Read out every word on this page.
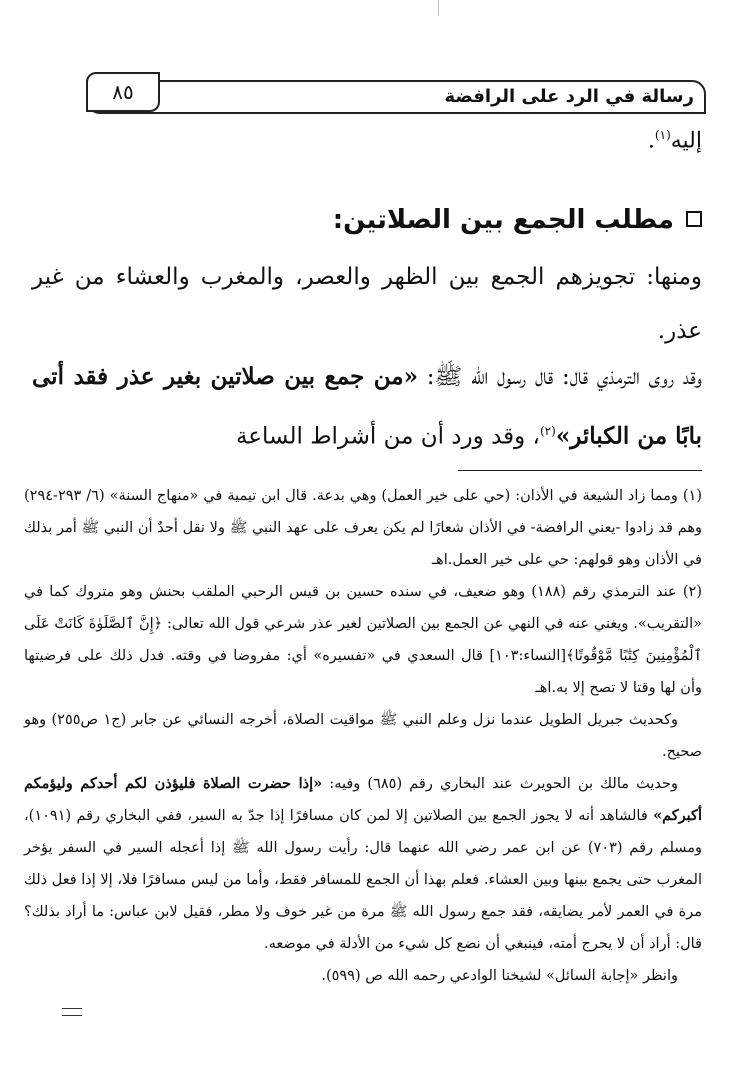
رسالة في الرد على الرافضة
٨٥
إليه$^{(١)}$.
مطلب الجمع بين الصلاتين:
ومنها: تجويزهم الجمع بين الظهر والعصر، والمغرب والعشاء من غير عذر.
وقد روى الترمذي قال: قال رسول الله ﷺ: «من جمع بين صلاتين بغير عذر فقد أتى بابًا من الكبائر»$^{(٢)}$، وقد ورد أن من أشراط الساعة

(١) ومما زاد الشيعة في الأذان: (حي على خير العمل) وهي بدعة. قال ابن تيمية في «منهاج السنة» (٦/ ٢٩٣-٢٩٤) وهم قد زادوا -يعني الرافضة- في الأذان شعارًا لم يكن يعرف على عهد النبي ﷺ ولا نقل أحدٌ أن النبي ﷺ أمر بذلك في الأذان وهو قولهم: حي على خير العمل.اهـ

(٢) عند الترمذي رقم (١٨٨) وهو ضعيف، في سنده حسين بن قيس الرحبي الملقب بحنش وهو متروك كما في «التقريب». ويغني عنه في النهي عن الجمع بين الصلاتين لغير عذر شرعي قول الله تعالى: ﴿إِنَّ ٱلصَّلَوٰةَ كَانَتْ عَلَى ٱلْمُؤْمِنِينَ كِتَٰبًا مَّوْقُوتًا﴾[النساء:١٠٣] قال السعدي في «تفسيره» أي: مفروضا في وقته. فدل ذلك على فرضيتها وأن لها وقتا لا تصح إلا به.اهـ

وكحديث جبريل الطويل عندما نزل وعلم النبي ﷺ مواقيت الصلاة، أخرجه النسائي عن جابر (ج١ ص٢٥٥) وهو صحيح.

وحديث مالك بن الحويرث عند البخاري رقم (٦٨٥) وفيه: «إذا حضرت الصلاة فليؤذن لكم أحدكم وليؤمكم أكبركم» فالشاهد أنه لا يجوز الجمع بين الصلاتين إلا لمن كان مسافرًا إذا جدّ به السير، ففي البخاري رقم (١٠٩١)، ومسلم رقم (٧٠٣) عن ابن عمر رضي الله عنهما قال: رأيت رسول الله ﷺ إذا أعجله السير في السفر يؤخر المغرب حتى يجمع بينها وبين العشاء. فعلم بهذا أن الجمع للمسافر فقط، وأما من ليس مسافرًا فلا، إلا إذا فعل ذلك مرة في العمر لأمر يضايقه، فقد جمع رسول الله ﷺ مرة من غير خوف ولا مطر، فقيل لابن عباس: ما أراد بذلك؟ قال: أراد أن لا يحرج أمته، فينبغي أن نضع كل شيء من الأدلة في موضعه.

وانظر «إجابة السائل» لشيخنا الوادعي رحمه الله ص (٥٩٩).
